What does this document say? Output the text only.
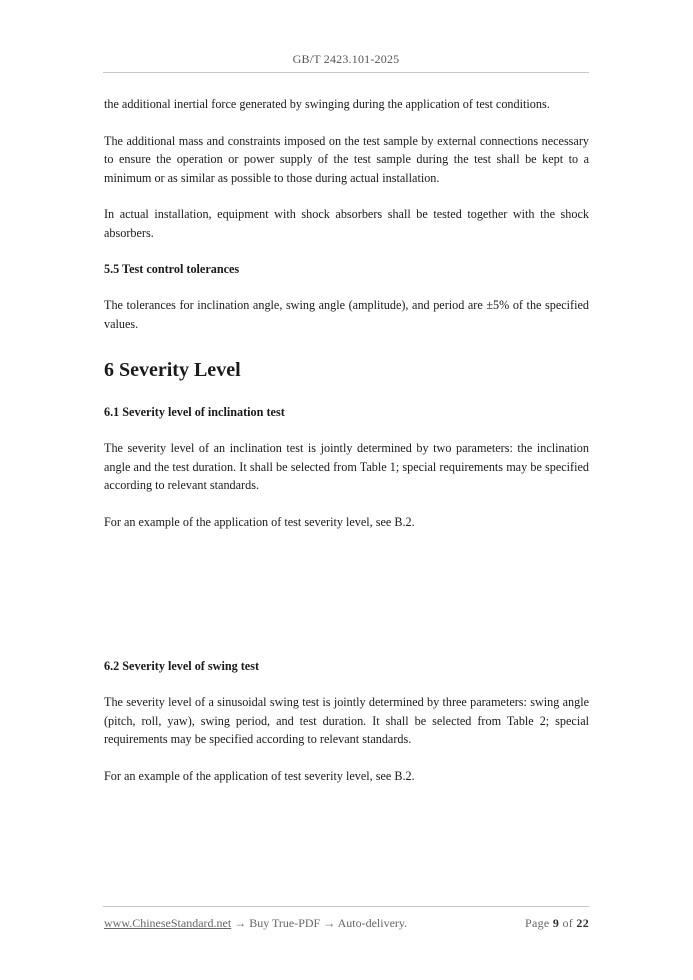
GB/T 2423.101-2025

the additional inertial force generated by swinging during the application of test conditions.

The additional mass and constraints imposed on the test sample by external connections necessary to ensure the operation or power supply of the test sample during the test shall be kept to a minimum or as similar as possible to those during actual installation.

In actual installation, equipment with shock absorbers shall be tested together with the shock absorbers.

5.5 Test control tolerances

The tolerances for inclination angle, swing angle (amplitude), and period are ±5% of the specified values.

6 Severity Level
6.1 Severity level of inclination test

The severity level of an inclination test is jointly determined by two parameters: the inclination angle and the test duration. It shall be selected from Table 1; special requirements may be specified according to relevant standards.

For an example of the application of test severity level, see B.2.

6.2 Severity level of swing test

The severity level of a sinusoidal swing test is jointly determined by three parameters: swing angle (pitch, roll, yaw), swing period, and test duration. It shall be selected from Table 2; special requirements may be specified according to relevant standards.

For an example of the application of test severity level, see B.2.

www.ChineseStandard.net → Buy True-PDF → Auto-delivery.	Page 9 of 22
